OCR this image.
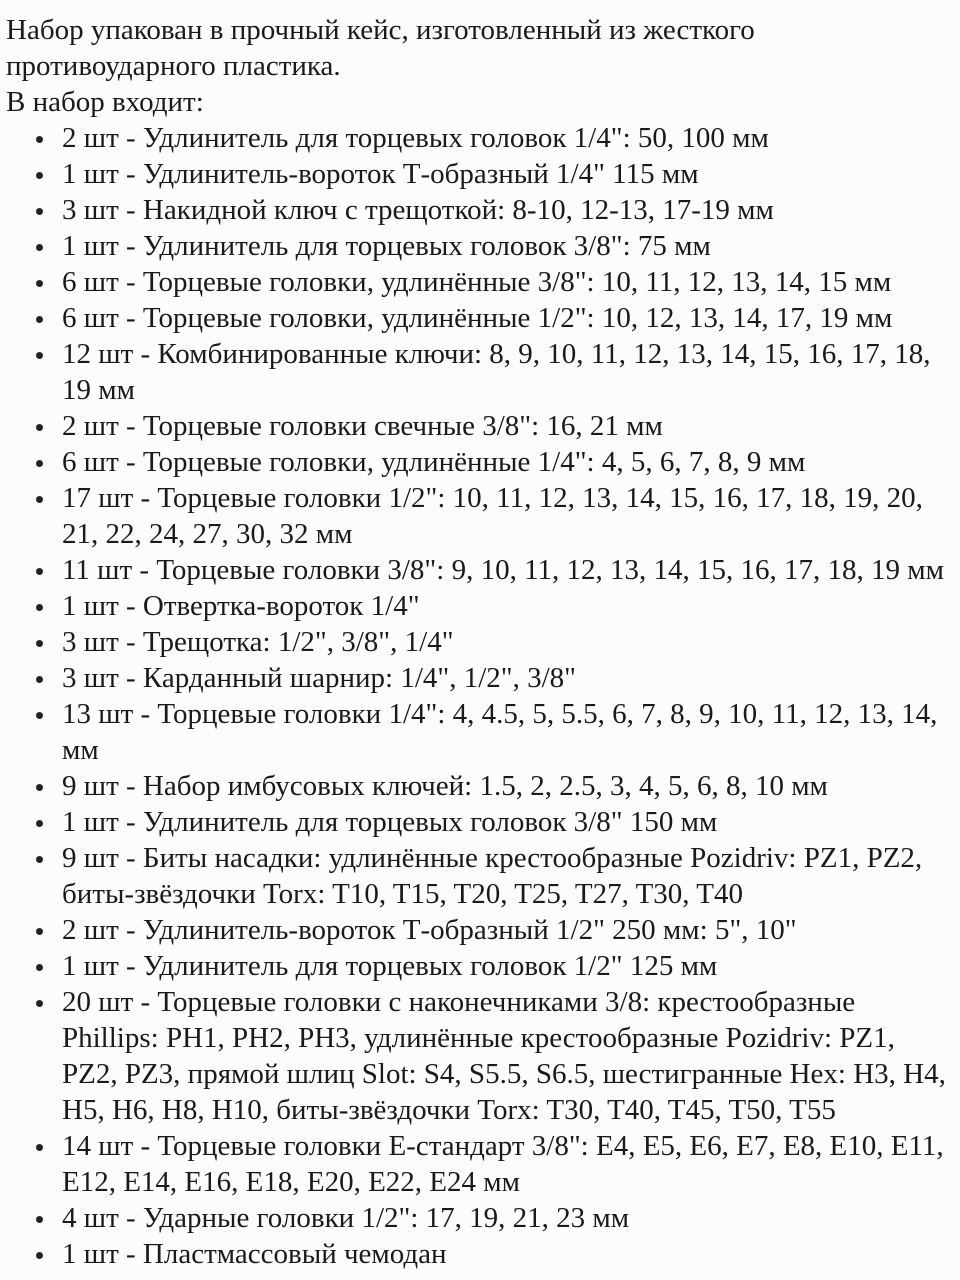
Набор упакован в прочный кейс, изготовленный из жесткого противоударного пластика.

В набор входит:

2 шт - Удлинитель для торцевых головок 1/4": 50, 100 мм
1 шт - Удлинитель-вороток Т-образный 1/4" 115 мм
3 шт - Накидной ключ с трещоткой: 8-10, 12-13, 17-19 мм
1 шт - Удлинитель для торцевых головок 3/8": 75 мм
6 шт - Торцевые головки, удлинённые 3/8": 10, 11, 12, 13, 14, 15 мм
6 шт - Торцевые головки, удлинённые 1/2": 10, 12, 13, 14, 17, 19 мм
12 шт - Комбинированные ключи: 8, 9, 10, 11, 12, 13, 14, 15, 16, 17, 18, 19 мм
2 шт - Торцевые головки свечные 3/8": 16, 21 мм
6 шт - Торцевые головки, удлинённые 1/4": 4, 5, 6, 7, 8, 9 мм
17 шт - Торцевые головки 1/2": 10, 11, 12, 13, 14, 15, 16, 17, 18, 19, 20, 21, 22, 24, 27, 30, 32 мм
11 шт - Торцевые головки 3/8": 9, 10, 11, 12, 13, 14, 15, 16, 17, 18, 19 мм
1 шт - Отвертка-вороток 1/4"
3 шт - Трещотка: 1/2", 3/8", 1/4"
3 шт - Карданный шарнир: 1/4", 1/2", 3/8"
13 шт - Торцевые головки 1/4": 4, 4.5, 5, 5.5, 6, 7, 8, 9, 10, 11, 12, 13, 14, мм
9 шт - Набор имбусовых ключей: 1.5, 2, 2.5, 3, 4, 5, 6, 8, 10 мм
1 шт - Удлинитель для торцевых головок 3/8" 150 мм
9 шт - Биты насадки: удлинённые крестообразные Pozidriv: PZ1, PZ2, биты-звёздочки Torx: T10, T15, T20, T25, T27, T30, T40
2 шт - Удлинитель-вороток Т-образный 1/2" 250 мм: 5", 10"
1 шт - Удлинитель для торцевых головок 1/2" 125 мм
20 шт - Торцевые головки с наконечниками 3/8: крестообразные Phillips: PH1, PH2, PH3, удлинённые крестообразные Pozidriv: PZ1, PZ2, PZ3, прямой шлиц Slot: S4, S5.5, S6.5, шестигранные Hex: H3, H4, H5, H6, H8, H10, биты-звёздочки Torx: T30, T40, T45, T50, T55
14 шт - Торцевые головки Е-стандарт 3/8": E4, E5, E6, E7, E8, E10, E11, E12, E14, E16, E18, E20, E22, E24 мм
4 шт - Ударные головки 1/2": 17, 19, 21, 23 мм
1 шт - Пластмассовый чемодан
